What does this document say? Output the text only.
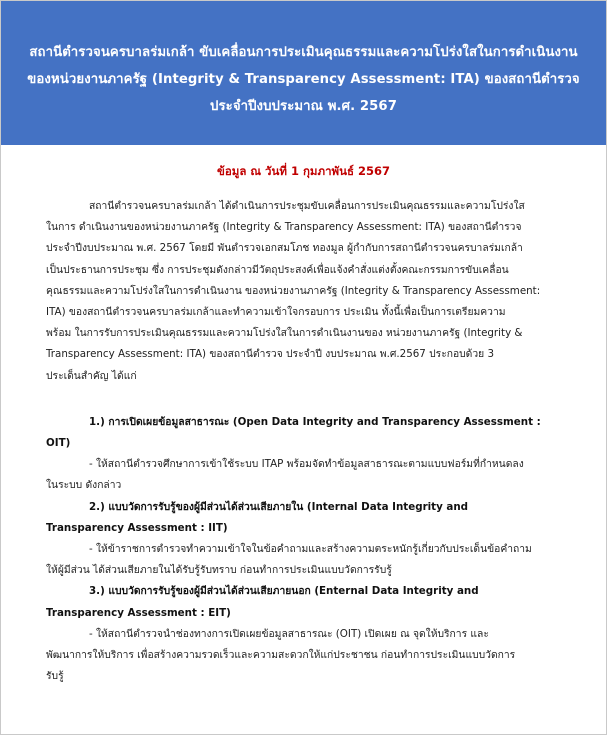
สถานีตำรวจนครบาลร่มเกล้า ขับเคลื่อนการประเมินคุณธรรมและความโปร่งใสในการดำเนินงาน
ของหน่วยงานภาครัฐ (Integrity & Transparency Assessment: ITA) ของสถานีตำรวจ
ประจำปีงบประมาณ พ.ศ. 2567
ข้อมูล ณ วันที่ 1 กุมภาพันธ์ 2567
สถานีตำรวจนครบาลร่มเกล้า ได้ดำเนินการประชุมขับเคลื่อนการประเมินคุณธรรมและความโปร่งใส
ในการ ดำเนินงานของหน่วยงานภาครัฐ (Integrity & Transparency Assessment: ITA) ของสถานีตำรวจ
ประจำปีงบประมาณ พ.ศ. 2567 โดยมี พันตำรวจเอกสมโภช ทองมูล ผู้กำกับการสถานีตำรวจนครบาลร่มเกล้า
เป็นประธานการประชุม ซึ่ง การประชุมดังกล่าวมีวัตถุประสงค์เพื่อแจ้งคำสั่งแต่งตั้งคณะกรรมการขับเคลื่อน
คุณธรรมและความโปร่งใสในการดำเนินงาน ของหน่วยงานภาครัฐ (Integrity & Transparency Assessment:
ITA) ของสถานีตำรวจนครบาลร่มเกล้าและทำความเข้าใจกรอบการ ประเมิน ทั้งนี้เพื่อเป็นการเตรียมความ
พร้อม ในการรับการประเมินคุณธรรมและความโปร่งใสในการดำเนินงานของ หน่วยงานภาครัฐ (Integrity &
Transparency Assessment: ITA) ของสถานีตำรวจ ประจำปี งบประมาณ พ.ศ.2567 ประกอบด้วย 3
ประเด็นสำคัญ ได้แก่
1.) การเปิดเผยข้อมูลสาธารณะ (Open Data Integrity and Transparency Assessment :
OIT)
- ให้สถานีตำรวจศึกษาการเข้าใช้ระบบ ITAP พร้อมจัดทำข้อมูลสาธารณะตามแบบฟอร์มที่กำหนดลง
ในระบบ ดังกล่าว
2.) แบบวัดการรับรู้ของผู้มีส่วนได้ส่วนเสียภายใน (Internal Data Integrity and
Transparency Assessment : IIT)
- ให้ข้าราชการตำรวจทำความเข้าใจในข้อคำถามและสร้างความตระหนักรู้เกี่ยวกับประเด็นข้อคำถาม
ให้ผู้มีส่วน ได้ส่วนเสียภายในได้รับรู้รับทราบ ก่อนทำการประเมินแบบวัดการรับรู้
3.) แบบวัดการรับรู้ของผู้มีส่วนได้ส่วนเสียภายนอก (Enternal Data Integrity and
Transparency Assessment : EIT)
- ให้สถานีตำรวจนำช่องทางการเปิดเผยข้อมูลสาธารณะ (OIT) เปิดเผย ณ จุดให้บริการ และ
พัฒนาการให้บริการ เพื่อสร้างความรวดเร็วและความสะดวกให้แก่ประชาชน ก่อนทำการประเมินแบบวัดการ
รับรู้
